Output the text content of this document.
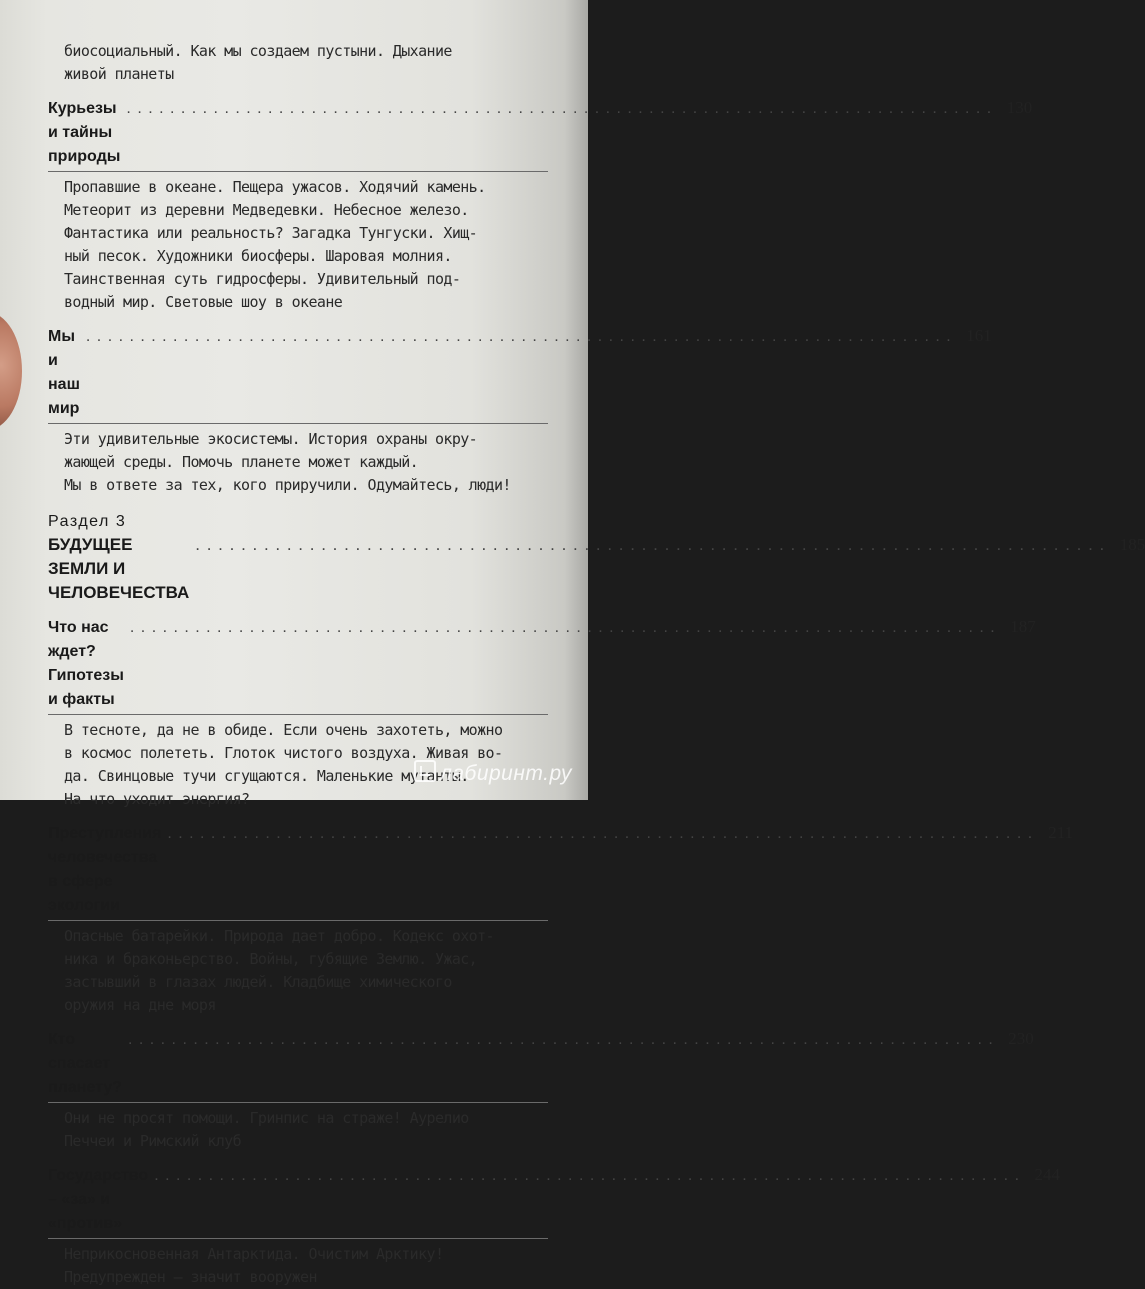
биосоциальный. Как мы создаем пустыни. Дыхание
живой планеты
Курьезы и тайны природы
. . .
130
Пропавшие в океане. Пещера ужасов. Ходячий камень.
Метеорит из деревни Медведевки. Небесное железо.
Фантастика или реальность? Загадка Тунгуски. Хищ-
ный песок. Художники биосферы. Шаровая молния.
Таинственная суть гидросферы. Удивительный под-
водный мир. Световые шоу в океане
Мы и наш мир
. . .
161
Эти удивительные экосистемы. История охраны окру-
жающей среды. Помочь планете может каждый.
Мы в ответе за тех, кого приручили. Одумайтесь, люди!
Раздел 3
БУДУЩЕЕ ЗЕМЛИ И ЧЕЛОВЕЧЕСТВА
. . .
185
Что нас ждет? Гипотезы и факты
. . .
187
В тесноте, да не в обиде. Если очень захотеть, можно
в космос полететь. Глоток чистого воздуха. Живая во-
да. Свинцовые тучи сгущаются. Маленькие мутанты.
На что уходит энергия?
Преступления человечества в сфере экологии
. . .
211
Опасные батарейки. Природа дает добро. Кодекс охот-
ника и браконьерство. Войны, губящие Землю. Ужас,
застывший в глазах людей. Кладбище химического
оружия на дне моря
Кто спасает планету?
. . .
230
Они не просят помощи. Гринпис на страже! Аурелио
Печчеи и Римский клуб
Государство – «за» и «против»
. . .
244
Неприкосновенная Антарктида. Очистим Арктику!
Предупрежден – значит вооружен
лабиринт.ру
